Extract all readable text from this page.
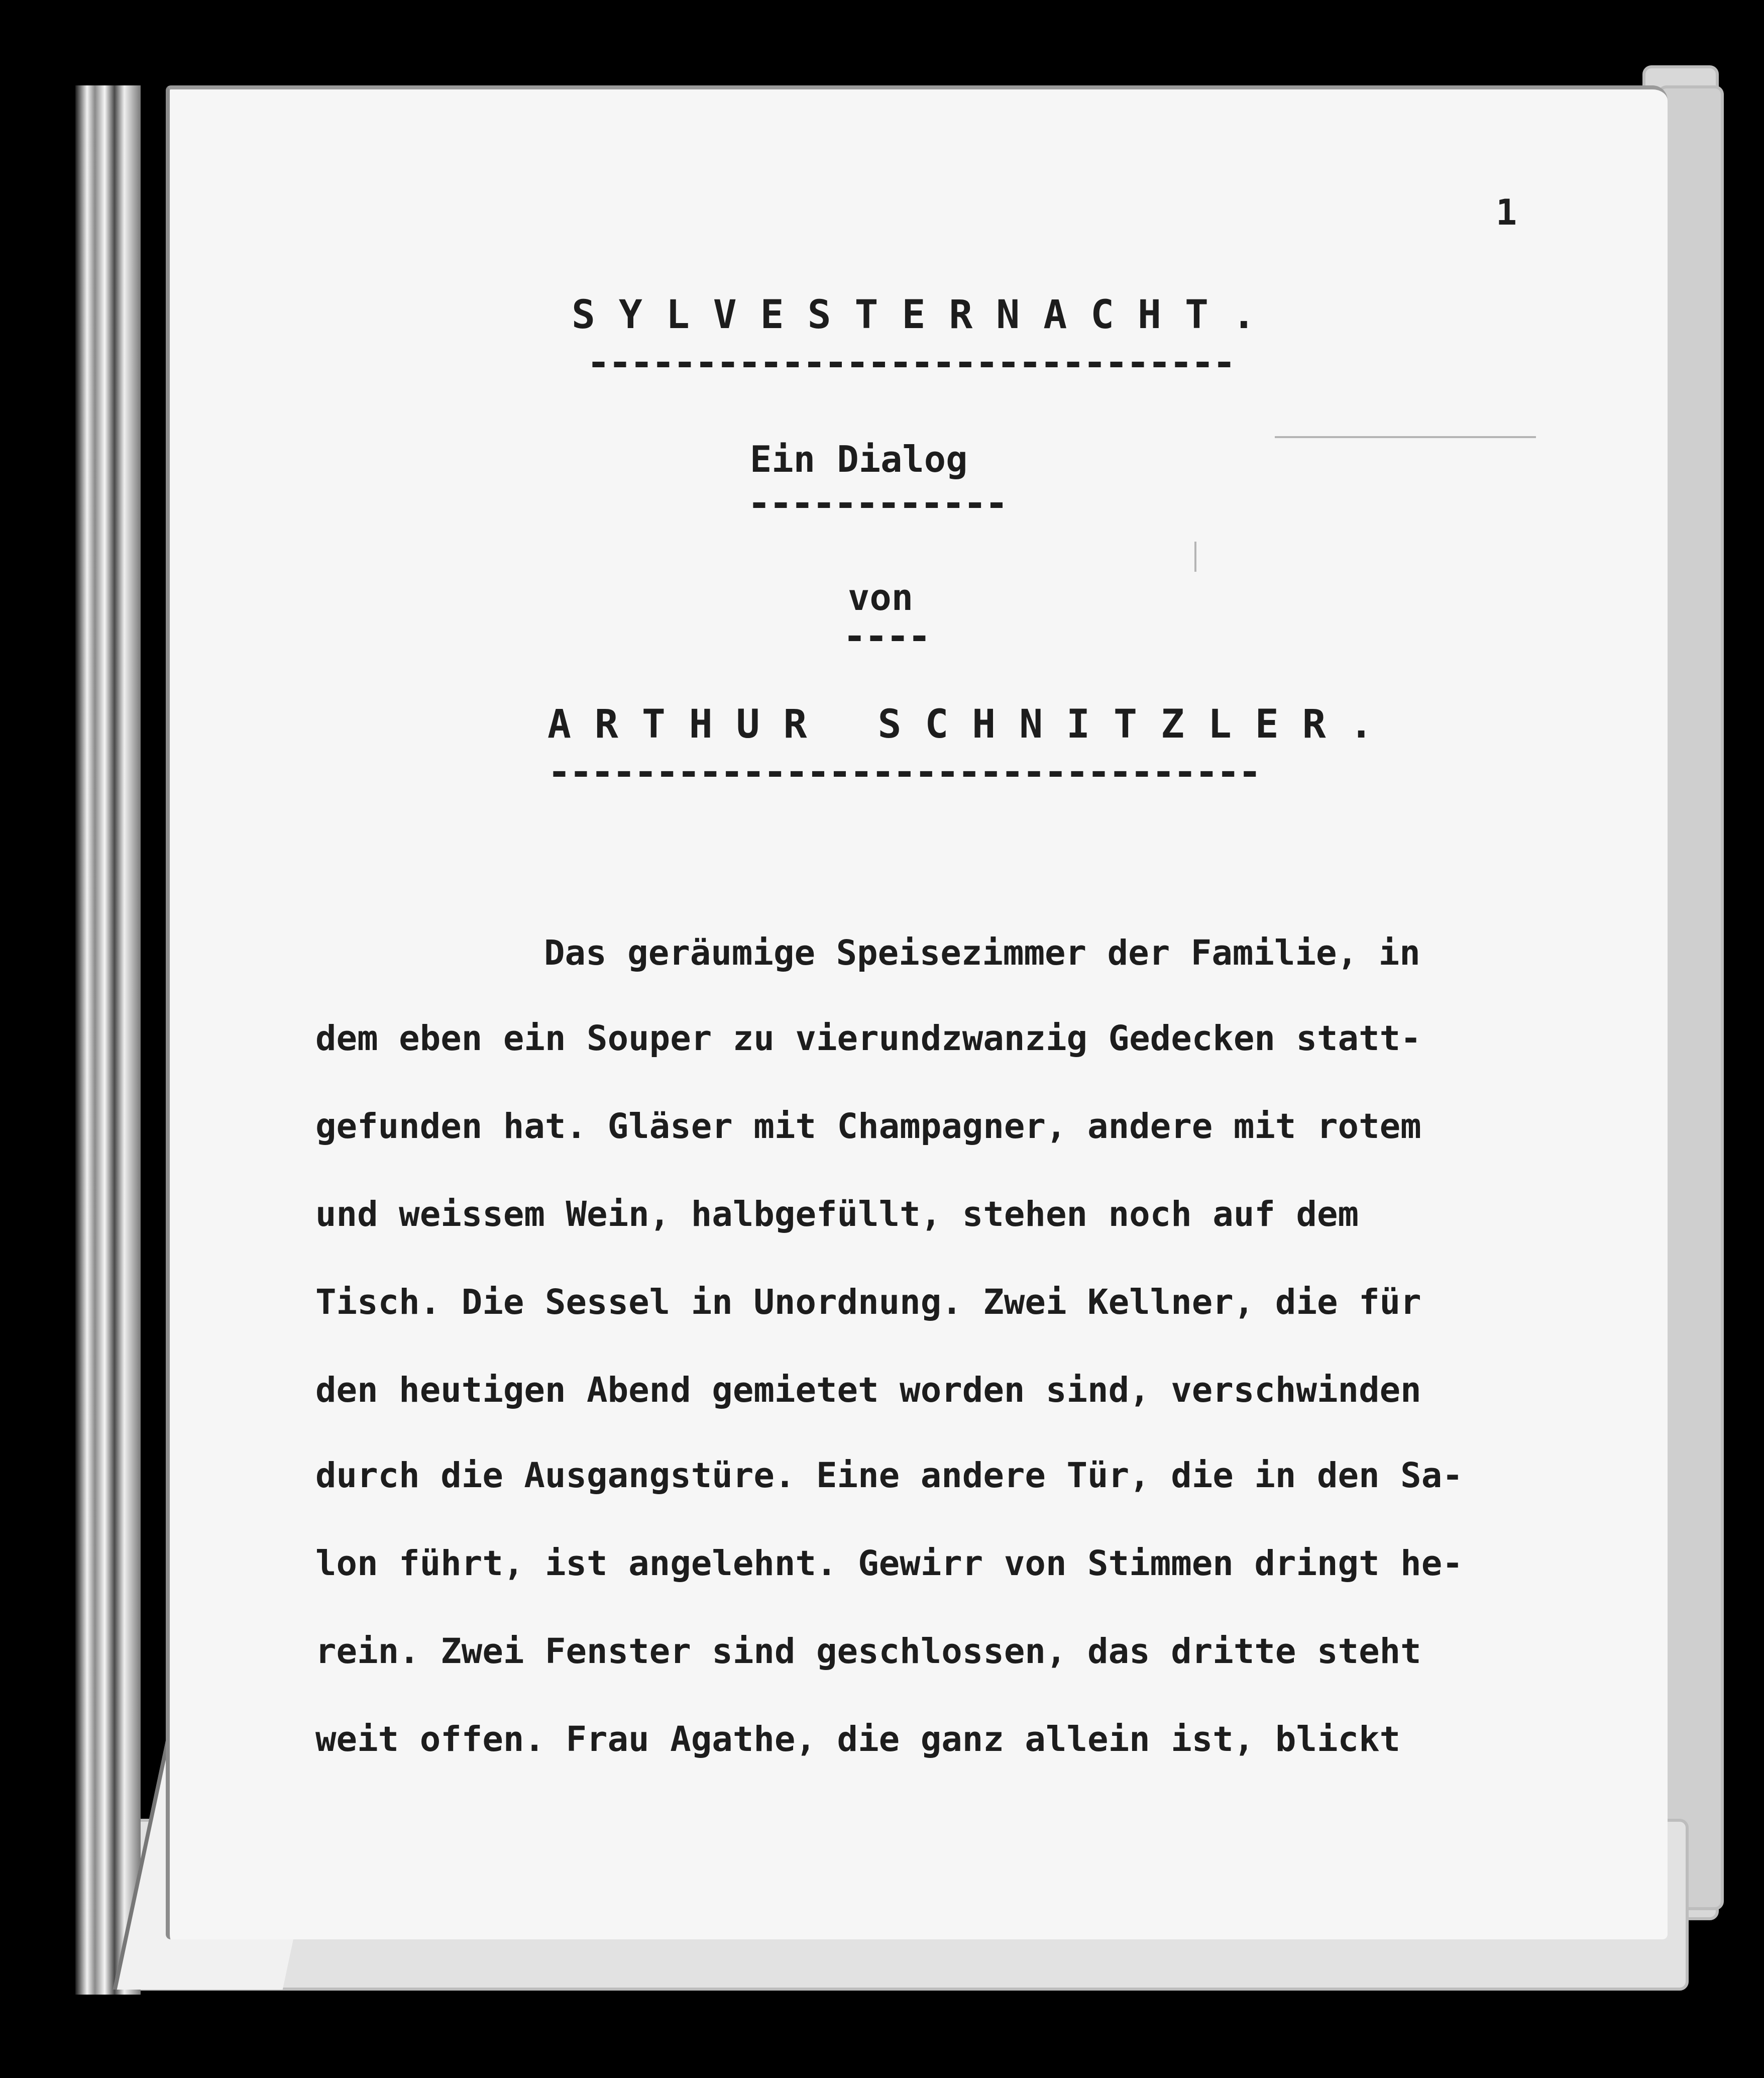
1
S Y L V E S T E R N A C H T .
------------------------------
Ein Dialog
------------
von
----
A R T H U R   S C H N I T Z L E R .
---------------------------------
Das geräumige Speisezimmer der Familie, in
dem eben ein Souper zu vierundzwanzig Gedecken statt-
gefunden hat. Gläser mit Champagner, andere mit rotem
und weissem Wein, halbgefüllt, stehen noch auf dem
Tisch. Die Sessel in Unordnung. Zwei Kellner, die für
den heutigen Abend gemietet worden sind, verschwinden
durch die Ausgangstüre. Eine andere Tür, die in den Sa-
lon führt, ist angelehnt. Gewirr von Stimmen dringt he-
rein. Zwei Fenster sind geschlossen, das dritte steht
weit offen. Frau Agathe, die ganz allein ist, blickt
